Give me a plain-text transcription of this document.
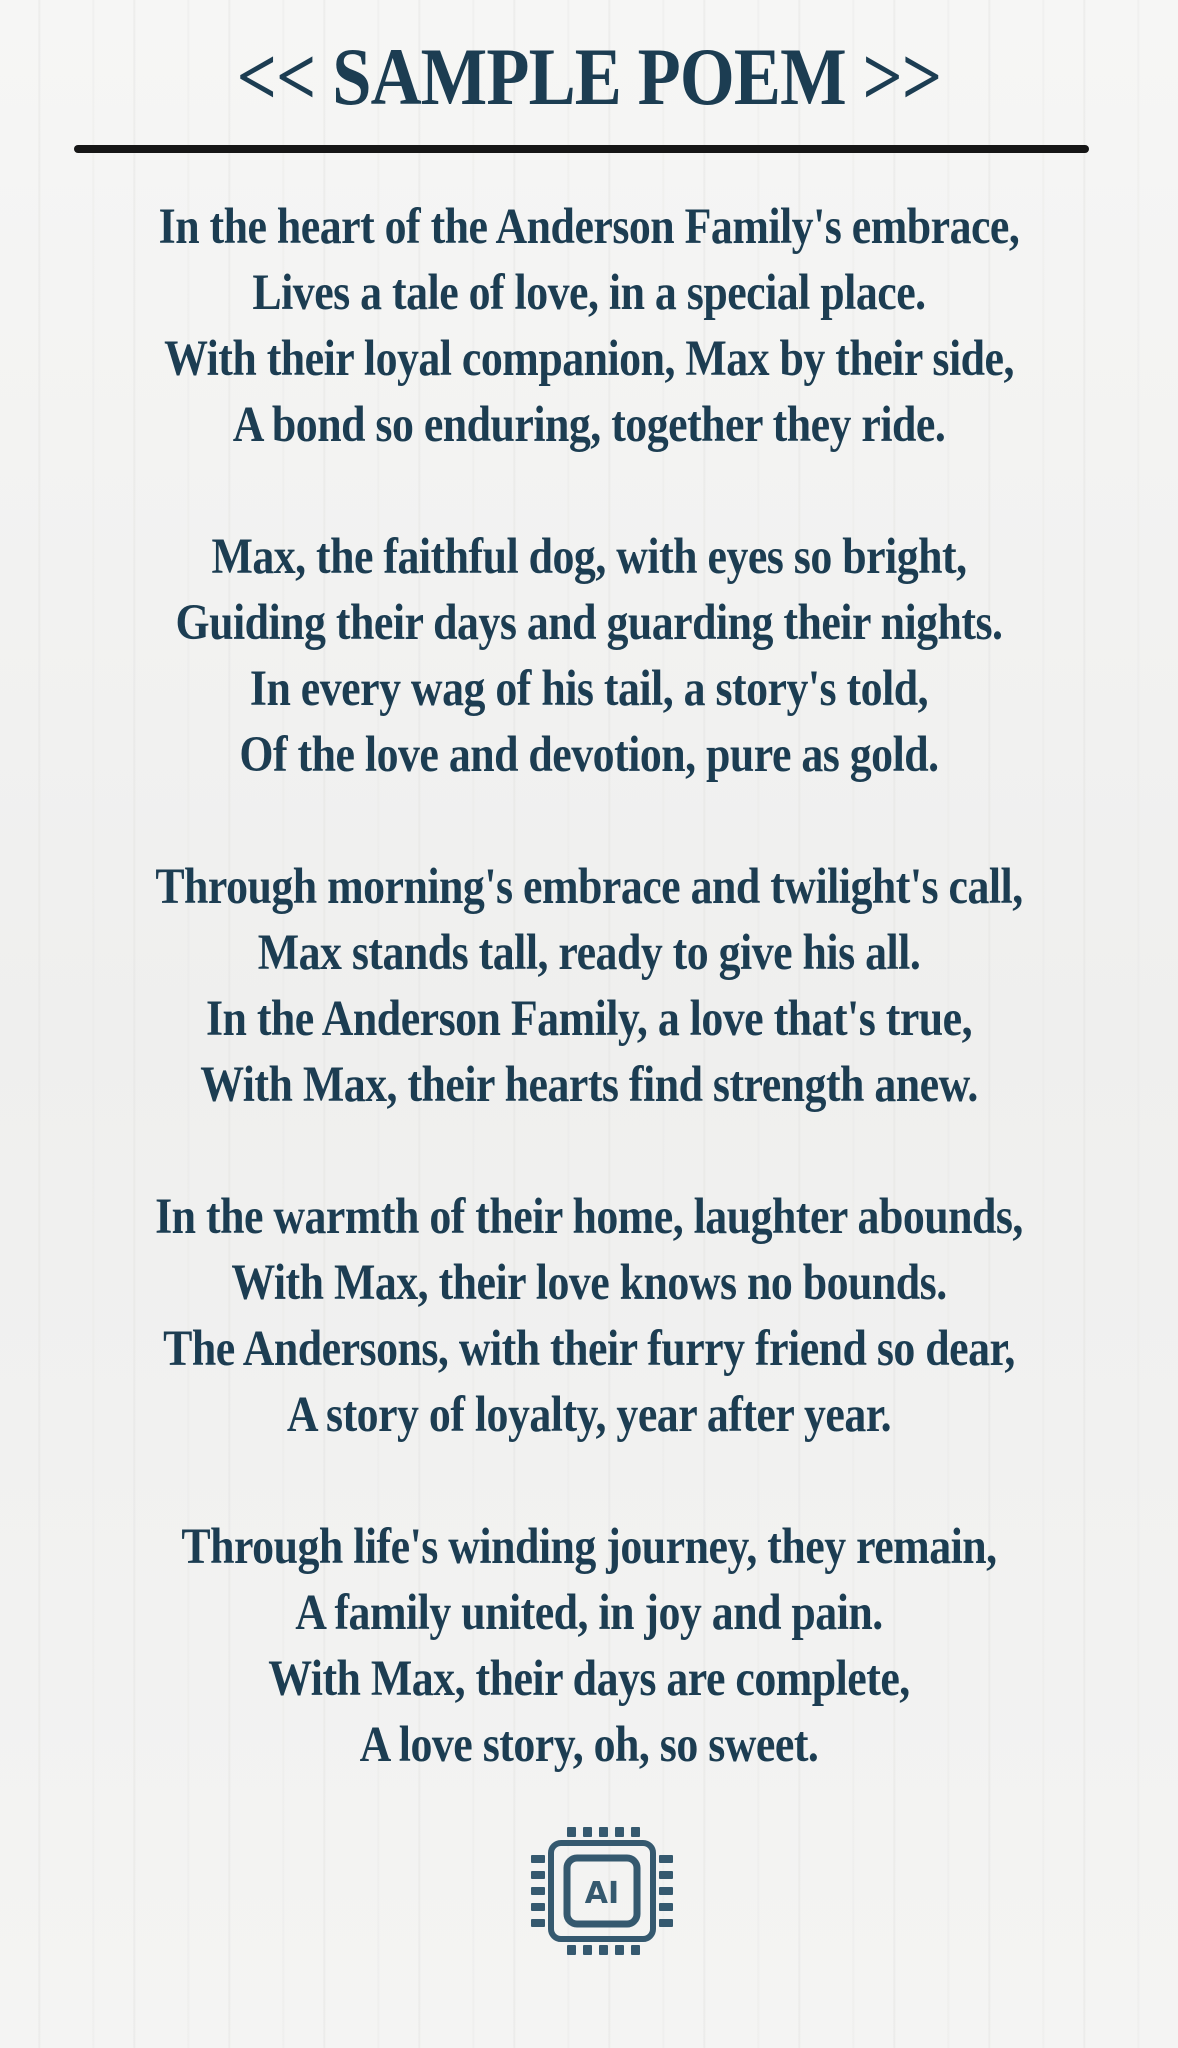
<< SAMPLE POEM >>
In the heart of the Anderson Family's embrace,
Lives a tale of love, in a special place.
With their loyal companion, Max by their side,
A bond so enduring, together they ride.
Max, the faithful dog, with eyes so bright,
Guiding their days and guarding their nights.
In every wag of his tail, a story's told,
Of the love and devotion, pure as gold.
Through morning's embrace and twilight's call,
Max stands tall, ready to give his all.
In the Anderson Family, a love that's true,
With Max, their hearts find strength anew.
In the warmth of their home, laughter abounds,
With Max, their love knows no bounds.
The Andersons, with their furry friend so dear,
A story of loyalty, year after year.
Through life's winding journey, they remain,
A family united, in joy and pain.
With Max, their days are complete,
A love story, oh, so sweet.
AI
